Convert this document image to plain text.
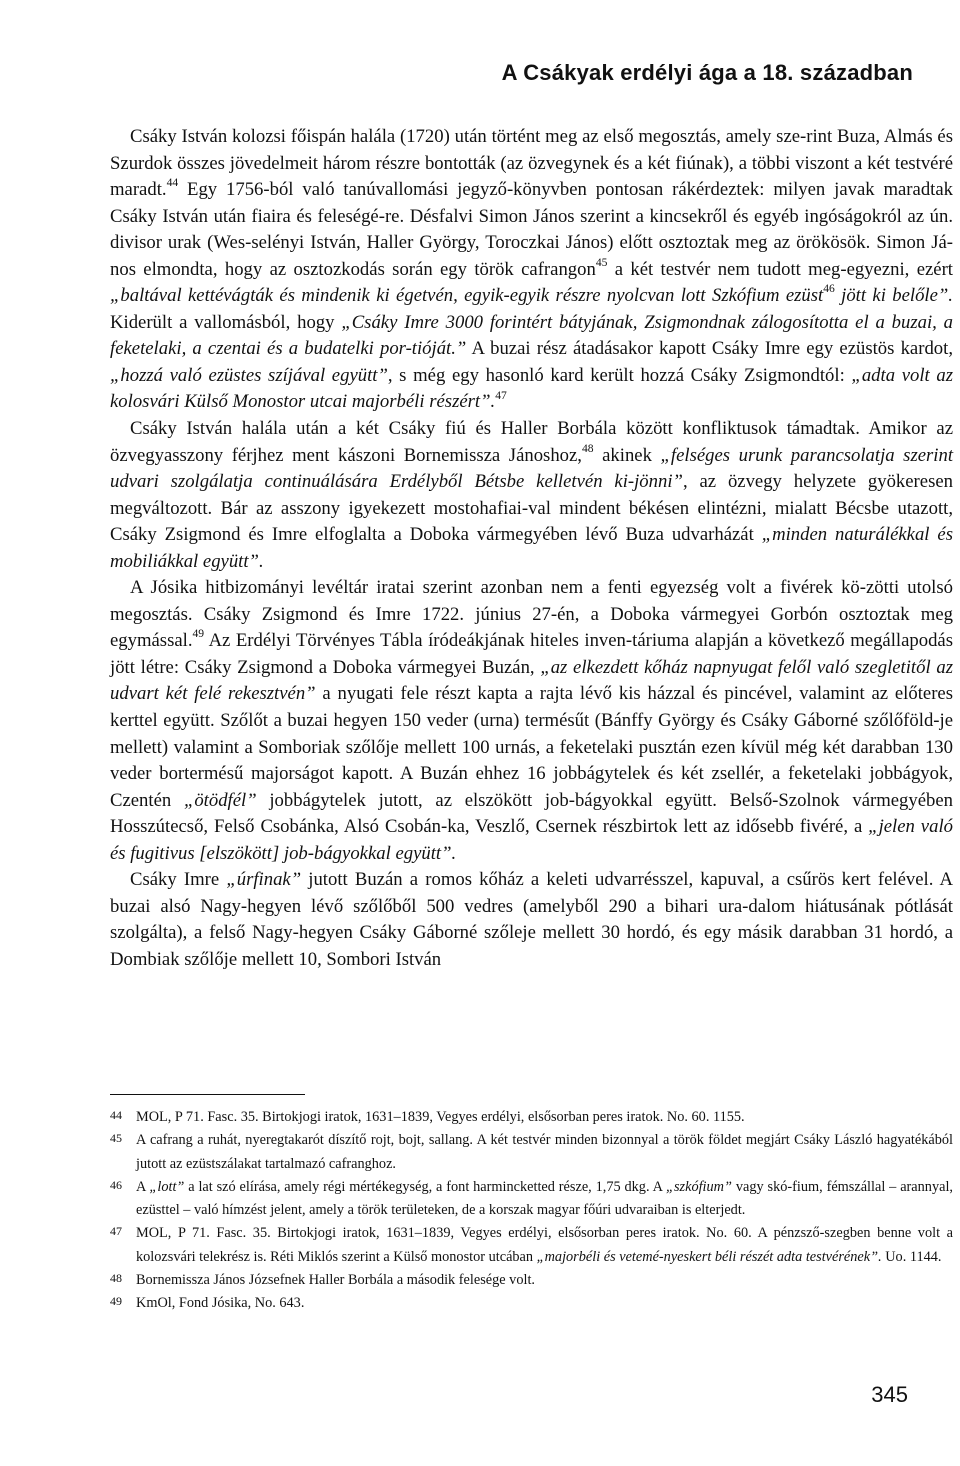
A Csákyak erdélyi ága a 18. században

Csáky István kolozsi főispán halála (1720) után történt meg az első megosztás, amely sze-rint Buza, Almás és Szurdok összes jövedelmeit három részre bontották (az özvegynek és a két fiúnak), a többi viszont a két testvéré maradt.$^{44}$ Egy 1756-ból való tanúvallomási jegyző-könyvben pontosan rákérdeztek: milyen javak maradtak Csáky István után fiaira és feleségé-re. Désfalvi Simon János szerint a kincsekről és egyéb ingóságokról az ún. divisor urak (Wes-selényi István, Haller György, Toroczkai János) előtt osztoztak meg az örökösök. Simon Já-nos elmondta, hogy az osztozkodás során egy török cafrangon$^{45}$ a két testvér nem tudott meg-egyezni, ezért „baltával kettévágták és mindenik ki égetvén, egyik-egyik részre nyolcvan lott Szkófium ezüst$^{46}$ jött ki belőle”. Kiderült a vallomásból, hogy „Csáky Imre 3000 forintért bátyjának, Zsigmondnak zálogosította el a buzai, a feketelaki, a czentai és a budatelki por-tióját.” A buzai rész átadásakor kapott Csáky Imre egy ezüstös kardot, „hozzá való ezüstes szíjával együtt”, s még egy hasonló kard került hozzá Csáky Zsigmondtól: „adta volt az kolosvári Külső Monostor utcai majorbéli részért”.$^{47}$

Csáky István halála után a két Csáky fiú és Haller Borbála között konfliktusok támadtak. Amikor az özvegyasszony férjhez ment kászoni Bornemissza Jánoshoz,$^{48}$ akinek „felséges urunk parancsolatja szerint udvari szolgálatja continuálására Erdélyből Bétsbe kelletvén ki-jönni”, az özvegy helyzete gyökeresen megváltozott. Bár az asszony igyekezett mostohafiai-val mindent békésen elintézni, mialatt Bécsbe utazott, Csáky Zsigmond és Imre elfoglalta a Doboka vármegyében lévő Buza udvarházát „minden naturálékkal és mobiliákkal együtt”.

A Jósika hitbizományi levéltár iratai szerint azonban nem a fenti egyezség volt a fivérek kö-zötti utolsó megosztás. Csáky Zsigmond és Imre 1722. június 27-én, a Doboka vármegyei Gorbón osztoztak meg egymással.$^{49}$ Az Erdélyi Törvényes Tábla íródeákjának hiteles inven-táriuma alapján a következő megállapodás jött létre: Csáky Zsigmond a Doboka vármegyei Buzán, „az elkezdett kőház napnyugat felől való szegletitől az udvart két felé rekesztvén” a nyugati fele részt kapta a rajta lévő kis házzal és pincével, valamint az előteres kerttel együtt. Szőlőt a buzai hegyen 150 veder (urna) termésűt (Bánffy György és Csáky Gáborné szőlőföld-je mellett) valamint a Somboriak szőlője mellett 100 urnás, a feketelaki pusztán ezen kívül még két darabban 130 veder bortermésű majorságot kapott. A Buzán ehhez 16 jobbágytelek és két zsellér, a feketelaki jobbágyok, Czentén „ötödfél” jobbágytelek jutott, az elszökött job-bágyokkal együtt. Belső-Szolnok vármegyében Hosszútecső, Felső Csobánka, Alsó Csobán-ka, Veszlő, Csernek részbirtok lett az idősebb fivéré, a „jelen való és fugitivus [elszökött] job-bágyokkal együtt”.

Csáky Imre „úrfinak” jutott Buzán a romos kőház a keleti udvarrésszel, kapuval, a csűrös kert felével. A buzai alsó Nagy-hegyen lévő szőlőből 500 vedres (amelyből 290 a bihari ura-dalom hiátusának pótlását szolgálta), a felső Nagy-hegyen Csáky Gáborné szőleje mellett 30 hordó, és egy másik darabban 31 hordó, a Dombiak szőlője mellett 10, Sombori István

44 MOL, P 71. Fasc. 35. Birtokjogi iratok, 1631–1839, Vegyes erdélyi, elsősorban peres iratok. No. 60. 1155.

45 A cafrang a ruhát, nyeregtakarót díszítő rojt, bojt, sallang. A két testvér minden bizonnyal a török földet megjárt Csáky László hagyatékából jutott az ezüstszálakat tartalmazó cafranghoz.

46 A „lott” a lat szó elírása, amely régi mértékegység, a font harmincketted része, 1,75 dkg. A „szkófium” vagy skó-fium, fémszállal – arannyal, ezüsttel – való hímzést jelent, amely a török területeken, de a korszak magyar főúri udvaraiban is elterjedt.

47 MOL, P 71. Fasc. 35. Birtokjogi iratok, 1631–1839, Vegyes erdélyi, elsősorban peres iratok. No. 60. A pénzsző-szegben benne volt a kolozsvári telekrész is. Réti Miklós szerint a Külső monostor utcában „majorbéli és vetemé-nyeskert béli részét adta testvérének”. Uo. 1144.

48 Bornemissza János Józsefnek Haller Borbála a második felesége volt.

49 KmOl, Fond Jósika, No. 643.

345
